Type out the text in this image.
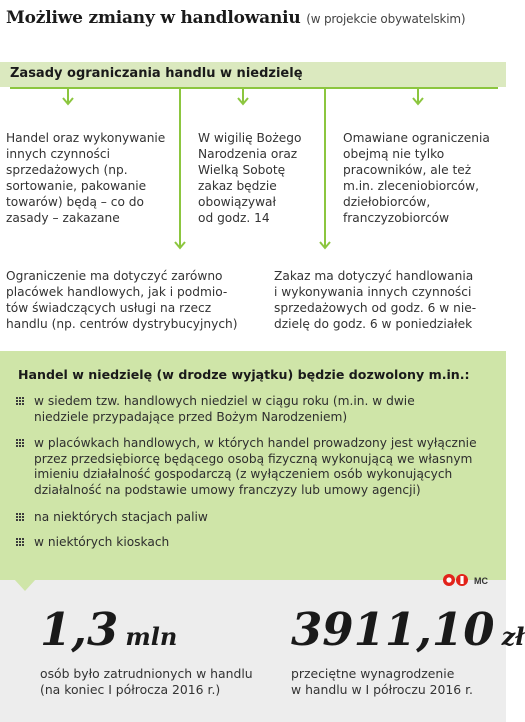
Możliwe zmiany w handlowaniu (w projekcie obywatelskim)
Zasady ograniczania handlu w niedzielę
Handel oraz wykonywanie
innych czynności
sprzedażowych (np.
sortowanie, pakowanie
towarów) będą – co do
zasady – zakazane
W wigilię Bożego
Narodzenia oraz
Wielką Sobotę
zakaz będzie
obowiązywał
od godz. 14
Omawiane ograniczenia
obejmą nie tylko
pracowników, ale też
m.in. zleceniobiorców,
dziełobiorców,
franczyzobiorców
Ograniczenie ma dotyczyć zarówno
placówek handlowych, jak i podmio-
tów świadczących usługi na rzecz
handlu (np. centrów dystrybucyjnych)
Zakaz ma dotyczyć handlowania
i wykonywania innych czynności
sprzedażowych od godz. 6 w nie-
dzielę do godz. 6 w poniedziałek
Handel w niedzielę (w drodze wyjątku) będzie dozwolony m.in.:
w siedem tzw. handlowych niedziel w ciągu roku (m.in. w dwie
niedziele przypadające przed Bożym Narodzeniem)
w placówkach handlowych, w których handel prowadzony jest wyłącznie
przez przedsiębiorcę będącego osobą fizyczną wykonującą we własnym
imieniu działalność gospodarczą (z wyłączeniem osób wykonujących
działalność na podstawie umowy franczyzy lub umowy agencji)
na niektórych stacjach paliw
w niektórych kioskach
MC
1,3 mln
osób było zatrudnionych w handlu
(na koniec I półrocza 2016 r.)
3911,10 zł
przeciętne wynagrodzenie
w handlu w I półroczu 2016 r.
